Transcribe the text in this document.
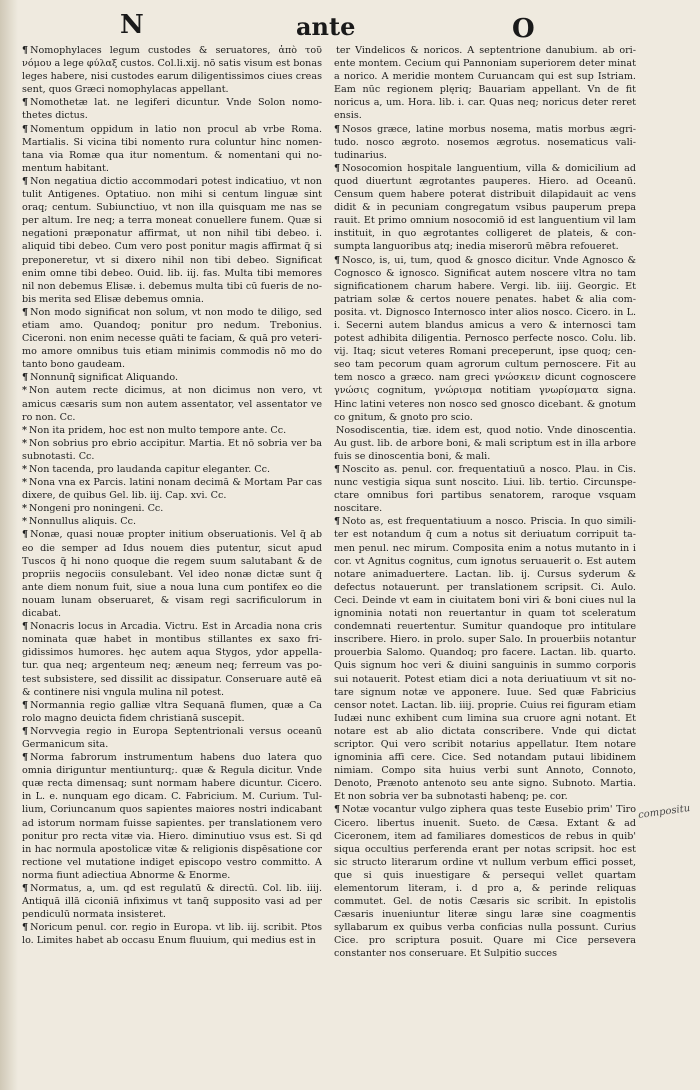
N	ante	O

¶ Nomophylaces legum custodes & seruatores, ἀπὸ τοῦ νόμου a lege φύλαξ custos. Col.li.xij. nō satis visum est bonas leges habere, nisi custodes earum diligentissimos ciues creas sent, quos Græci nomophylacas appellant.

¶ Nomothetæ lat. ne legiferi dicuntur. Vnde Solon nomo thetes dictus.

¶ Nomentum oppidum in latio non procul ab vrbe Roma. Martialis. Si vicina tibi nomento rura coluntur hinc nomen tana via Romæ qua itur nomentum. & nomentani qui no mentum habitant.

¶ Non negatiua dictio accommodari potest indicatiuo, vt non tulit Antigenes. Optatiuo. non mihi si centum linguæ sint oraq; centum. Subiunctiuo, vt non illa quisquam me nas se per altum. Ire neq; a terra moneat conuellere funem. Quæ si negationi præponatur affirmat, ut non nihil tibi debeo. i. aliquid tibi debeo. Cum vero post ponitur magis affirmat q̃ si preponeretur, vt si dixero nihil non tibi debeo. Significat enim omne tibi debeo. Ouid. lib. iij. fas. Multa tibi memores nil non debemus Elisæ. i. debemus multa tibi cū fueris de no bis merita sed Elisæ debemus omnia.

¶ Non modo significat non solum, vt non modo te diligo, sed etiam amo. Quandoq; ponitur pro nedum. Trebonius. Ciceroni. non enim necesse quāti te faciam, & quā pro veteri mo amore omnibus tuis etiam minimis commodis nō mo do tanto bono gaudeam.

¶ Nonnunq̃ significat Aliquando.

* Non autem recte dicimus, at non dicimus non vero, vt amicus cæsaris sum non autem assentator, vel assentator ve ro non. Cc.

* Non ita pridem, hoc est non multo tempore ante. Cc.

* Non sobrius pro ebrio accipitur. Martia. Et nō sobria ver ba subnotasti. Cc.

* Non tacenda, pro laudanda capitur eleganter. Cc.

* Nona vna ex Parcis. latini nonam decimā & Mortam Par cas dixere, de quibus Gel. lib. iij. Cap. xvi. Cc.

* Nongeni pro noningeni. Cc.

* Nonnullus aliquis. Cc.

¶ Nonæ, quasi nouæ propter initium obseruationis. Vel q̃ ab eo die semper ad Idus nouem dies putentur, sicut apud Tuscos q̃ hi nono quoque die regem suum salutabant & de propriis negociis consulebant. Vel ideo nonæ dictæ sunt q̃ ante diem nonum fuit, siue a noua luna cum pontifex eo die nouam lunam obseruaret, & visam regi sacrificulorum in dicabat.

¶ Nonacris locus in Arcadia. Victru. Est in Arcadia nona cris nominata quæ habet in montibus stillantes ex saxo fri gidissimos humores. hęc autem aqua Stygos, ydor appella tur. qua neq; argenteum neq; æneum neq; ferreum vas po test subsistere, sed dissilit ac dissipatur. Conseruare autē eā & continere nisi vngula mulina nil potest.

¶ Normannia regio galliæ vltra Sequanā flumen, quæ a Ca rolo magno deuicta fidem christianā suscepit.

¶ Norvvegia regio in Europa Septentrionali versus oceanū Germanicum sita.

¶ Norma fabrorum instrumentum habens duo latera quo omnia diriguntur mentiunturq;. quæ & Regula dicitur. Vnde quæ recta dimensaq; sunt normam habere dicuntur. Cicero. in L. e. nunquam ego dicam. C. Fabricium. M. Curium. Tul lium, Coriuncanum quos sapientes maiores nostri indicabant ad istorum normam fuisse sapientes. per translationem vero ponitur pro recta vitæ via. Hiero. diminutiuo vsus est. Si qd in hac normula apostolicæ vitæ & religionis dispēsatione cor rectione vel mutatione indiget episcopo vestro committo. A norma fiunt adiectiua Abnorme & Enorme.

¶ Normatus, a, um. qd est regulatū & directū. Col. lib. iiij. Antiquā illā ciconiā infiximus vt tanq̃ supposito vasi ad per pendiculū normata insisteret.

¶ Noricum penul. cor. regio in Europa. vt lib. iij. scribit. Ptos lo. Limites habet ab occasu Enum fluuium, qui medius est in

ter Vindelicos & noricos. A septentrione danubium. ab ori ente montem. Cecium qui Pannoniam superiorem deter minat a norico. A meridie montem Curuancam qui est sup Istriam. Eam nūc regionem plęriq; Bauariam appellant. Vn de fit noricus a, um. Hora. lib. i. car. Quas neq; noricus deter reret ensis.

¶ Nosos græce, latine morbus nosema, matis morbus ægri tudo. nosco ægroto. nosemos ægrotus. nosematicus vali tudinarius.

¶ Nosocomion hospitale languentium, villa & domicilium ad quod diuertunt ægrotantes pauperes. Hiero. ad Oceanū. Censum quem habere poterat distribuit dilapidauit ac vens didit & in pecuniam congregatum vsibus pauperum prepa rauit. Et primo omnium nosocomiō id est languentium vil lam instituit, in quo ægrotantes colligeret de plateis, & con sumpta languoribus atq; inedia miserorū mēbra refoueret.

¶ Nosco, is, ui, tum, quod & gnosco dicitur. Vnde Agnosco & Cognosco & ignosco. Significat autem noscere vltra no tam significationem charum habere. Vergi. lib. iiij. Georgic. Et patriam solæ & certos nouere penates. habet & alia com posita. vt. Dignosco Internosco inter alios nosco. Cicero. in L. i. Secerni autem blandus amicus a vero & internosci tam potest adhibita diligentia. Pernosco perfecte nosco. Colu. lib. vij. Itaq; sicut veteres Romani preceperunt, ipse quoq; cen seo tam pecorum quam agrorum cultum pernoscere. Fit au tem nosco a græco. nam greci γνώσκειν dicunt cognoscere γνώσις cognitum, γνώρισμα notitiam γνωρίσματα signa. Hinc latini veteres non nosco sed gnosco dicebant. & gnotum co gnitum, & gnoto pro scio.

Nosodiscentia, tiæ. idem est, quod notio. Vnde dinoscentia. Au gust. lib. de arbore boni, & mali scriptum est in illa arbore fuis se dinoscentia boni, & mali.

¶ Noscito as. penul. cor. frequentatiuū a nosco. Plau. in Cis. nunc vestigia siqua sunt noscito. Liui. lib. tertio. Circunspe ctare omnibus fori partibus senatorem, raroque vsquam noscitare.

¶ Noto as, est frequentatiuum a nosco. Priscia. In quo simili ter est notandum q̃ cum a notus sit deriuatum corripuit ta men penul. nec mirum. Composita enim a notus mutanto in i cor. vt Agnitus cognitus, cum ignotus seruauerit o. Est autem notare animaduertere. Lactan. lib. ij. Cursus syderum & defectus notauerunt. per translationem scripsit. Ci. Aulo. Ceci. Deinde vt eam in ciuitatem boni viri & boni ciues nul la ignominia notati non reuertantur in quam tot sceleratum condemnati reuertentur. Sumitur quandoque pro intitulare inscribere. Hiero. in prolo. super Salo. In prouerbiis notantur prouerbia Salomo. Quandoq; pro facere. Lactan. lib. quarto. Quis signum hoc veri & diuini sanguinis in summo corporis sui notauerit. Potest etiam dici a nota deriuatiuum vt sit no tare signum notæ ve apponere. Iuue. Sed quæ Fabricius censor notet. Lactan. lib. iiij. proprie. Cuius rei figuram etiam Iudæi nunc exhibent cum limina sua cruore agni notant. Et notare est ab alio dictata conscribere. Vnde qui dictat scriptor. Qui vero scribit notarius appellatur. Item notare ignominia affi cere. Cice. Sed notandam putaui libidinem nimiam. Compo sita huius verbi sunt Annoto, Connoto, Denoto, Prænoto antenoto seu ante signo. Subnoto. Martia. Et non sobria ver ba subnotasti habenq; pe. cor.

¶ Notæ vocantur vulgo ziphera quas teste Eusebio prim' Tiro Cicero. libertus inuenit. Sueto. de Cæsa. Extant & ad Ciceronem, item ad familiares domesticos de rebus in quib' siqua occultius perferenda erant per notas scripsit. hoc est sic structo literarum ordine vt nullum verbum effici posset, que si quis inuestigare & persequi vellet quartam elementorum literam, i. d pro a, & perinde reliquas commutet. Gel. de notis Cæsaris sic scribit. In epistolis Cæsaris inueniuntur literæ singu laræ sine coagmentis syllabarum ex quibus verba conficias nulla possunt. Curius Cice. pro scriptura posuit. Quare mi Cice persevera constanter nos conseruare. Et Sulpitio succes

compositu
